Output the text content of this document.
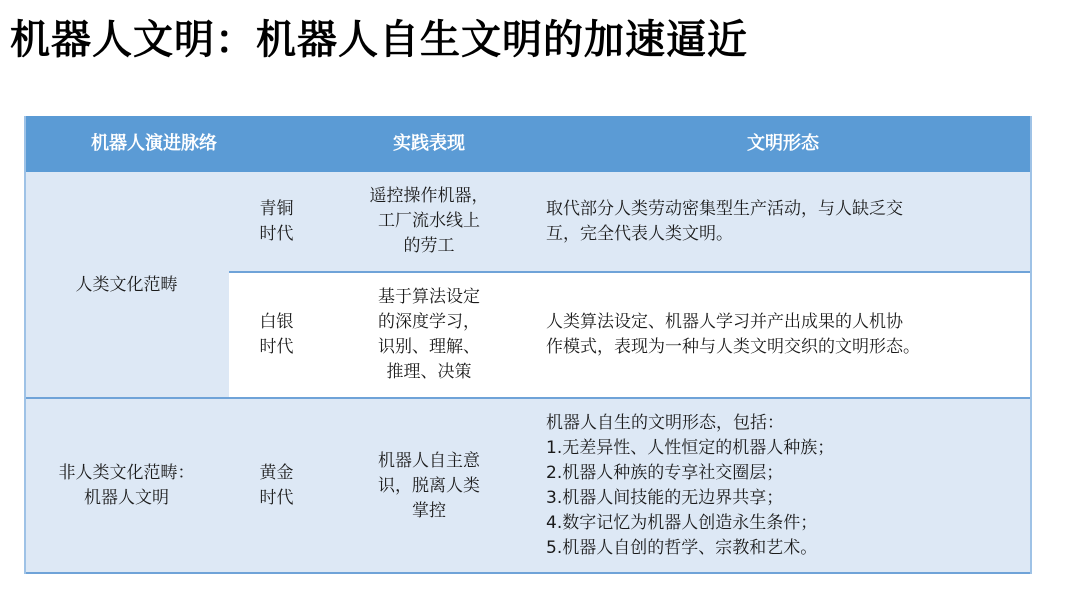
机器人文明：机器人自生文明的加速逼近
机器人演进脉络	实践表现	文明形态
人类文化范畴
非人类文化范畴：
机器人文明
青铜
时代
白银
时代
黄金
时代
遥控操作机器，
工厂流水线上
的劳工
基于算法设定
的深度学习，
识别、理解、
推理、决策
机器人自主意
识，脱离人类
掌控
取代部分人类劳动密集型生产活动，与人缺乏交
互，完全代表人类文明。
人类算法设定、机器人学习并产出成果的人机协
作模式，表现为一种与人类文明交织的文明形态。
机器人自生的文明形态，包括：
1.无差异性、人性恒定的机器人种族；
2.机器人种族的专享社交圈层；
3.机器人间技能的无边界共享；
4.数字记忆为机器人创造永生条件；
5.机器人自创的哲学、宗教和艺术。
